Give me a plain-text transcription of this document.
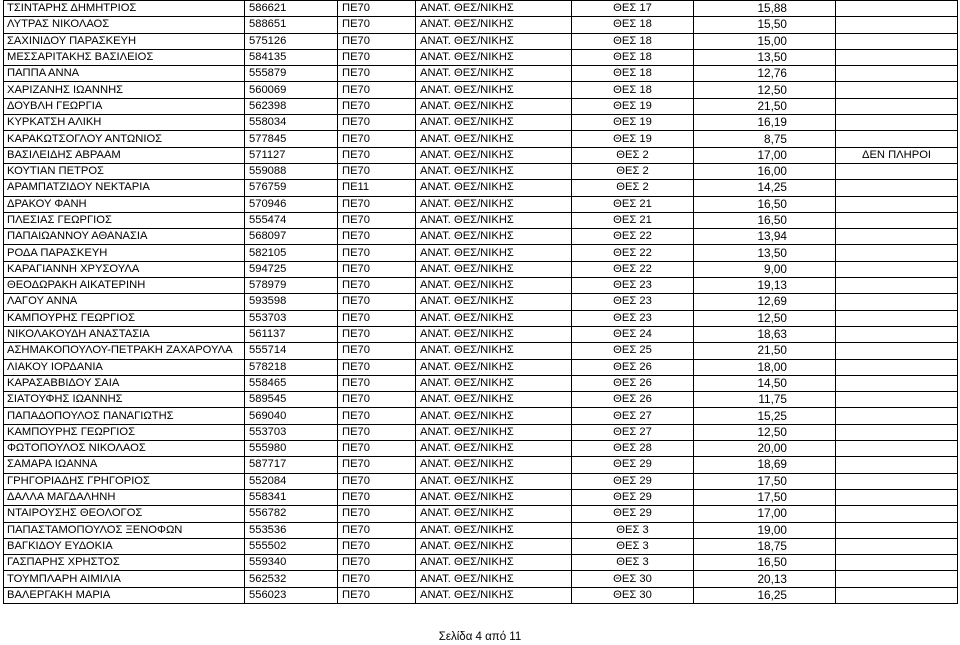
ΤΣΙΝΤΑΡΗΣ ΔΗΜΗΤΡΙΟΣ	586621	ΠΕ70	ΑΝΑΤ. ΘΕΣ/ΝΙΚΗΣ	ΘΕΣ 17	15,88	
ΛΥΤΡΑΣ ΝΙΚΟΛΑΟΣ	588651	ΠΕ70	ΑΝΑΤ. ΘΕΣ/ΝΙΚΗΣ	ΘΕΣ 18	15,50	
ΣΑΧΙΝΙΔΟΥ ΠΑΡΑΣΚΕΥΗ	575126	ΠΕ70	ΑΝΑΤ. ΘΕΣ/ΝΙΚΗΣ	ΘΕΣ 18	15,00	
ΜΕΣΣΑΡΙΤΑΚΗΣ ΒΑΣΙΛΕΙΟΣ	584135	ΠΕ70	ΑΝΑΤ. ΘΕΣ/ΝΙΚΗΣ	ΘΕΣ 18	13,50	
ΠΑΠΠΑ ΑΝΝΑ	555879	ΠΕ70	ΑΝΑΤ. ΘΕΣ/ΝΙΚΗΣ	ΘΕΣ 18	12,76	
ΧΑΡΙΖΑΝΗΣ ΙΩΑΝΝΗΣ	560069	ΠΕ70	ΑΝΑΤ. ΘΕΣ/ΝΙΚΗΣ	ΘΕΣ 18	12,50	
ΔΟΥΒΛΗ ΓΕΩΡΓΙΑ	562398	ΠΕ70	ΑΝΑΤ. ΘΕΣ/ΝΙΚΗΣ	ΘΕΣ 19	21,50	
ΚΥΡΚΑΤΣΗ ΑΛΙΚΗ	558034	ΠΕ70	ΑΝΑΤ. ΘΕΣ/ΝΙΚΗΣ	ΘΕΣ 19	16,19	
ΚΑΡΑΚΩΤΣΟΓΛΟΥ ΑΝΤΩΝΙΟΣ	577845	ΠΕ70	ΑΝΑΤ. ΘΕΣ/ΝΙΚΗΣ	ΘΕΣ 19	8,75	
ΒΑΣΙΛΕΙΔΗΣ ΑΒΡΑΑΜ	571127	ΠΕ70	ΑΝΑΤ. ΘΕΣ/ΝΙΚΗΣ	ΘΕΣ 2	17,00	ΔΕΝ ΠΛΗΡΟΙ
ΚΟΥΤΙΑΝ ΠΕΤΡΟΣ	559088	ΠΕ70	ΑΝΑΤ. ΘΕΣ/ΝΙΚΗΣ	ΘΕΣ 2	16,00	
ΑΡΑΜΠΑΤΖΙΔΟΥ ΝΕΚΤΑΡΙΑ	576759	ΠΕ11	ΑΝΑΤ. ΘΕΣ/ΝΙΚΗΣ	ΘΕΣ 2	14,25	
ΔΡΑΚΟΥ ΦΑΝΗ	570946	ΠΕ70	ΑΝΑΤ. ΘΕΣ/ΝΙΚΗΣ	ΘΕΣ 21	16,50	
ΠΛΕΣΙΑΣ ΓΕΩΡΓΙΟΣ	555474	ΠΕ70	ΑΝΑΤ. ΘΕΣ/ΝΙΚΗΣ	ΘΕΣ 21	16,50	
ΠΑΠΑΙΩΑΝΝΟΥ ΑΘΑΝΑΣΙΑ	568097	ΠΕ70	ΑΝΑΤ. ΘΕΣ/ΝΙΚΗΣ	ΘΕΣ 22	13,94	
ΡΟΔΑ ΠΑΡΑΣΚΕΥΗ	582105	ΠΕ70	ΑΝΑΤ. ΘΕΣ/ΝΙΚΗΣ	ΘΕΣ 22	13,50	
ΚΑΡΑΓΙΑΝΝΗ ΧΡΥΣΟΥΛΑ	594725	ΠΕ70	ΑΝΑΤ. ΘΕΣ/ΝΙΚΗΣ	ΘΕΣ 22	9,00	
ΘΕΟΔΩΡΑΚΗ ΑΙΚΑΤΕΡΙΝΗ	578979	ΠΕ70	ΑΝΑΤ. ΘΕΣ/ΝΙΚΗΣ	ΘΕΣ 23	19,13	
ΛΑΓΟΥ ΑΝΝΑ	593598	ΠΕ70	ΑΝΑΤ. ΘΕΣ/ΝΙΚΗΣ	ΘΕΣ 23	12,69	
ΚΑΜΠΟΥΡΗΣ ΓΕΩΡΓΙΟΣ	553703	ΠΕ70	ΑΝΑΤ. ΘΕΣ/ΝΙΚΗΣ	ΘΕΣ 23	12,50	
ΝΙΚΟΛΑΚΟΥΔΗ ΑΝΑΣΤΑΣΙΑ	561137	ΠΕ70	ΑΝΑΤ. ΘΕΣ/ΝΙΚΗΣ	ΘΕΣ 24	18,63	
ΑΣΗΜΑΚΟΠΟΥΛΟΥ-ΠΕΤΡΑΚΗ ΖΑΧΑΡΟΥΛΑ	555714	ΠΕ70	ΑΝΑΤ. ΘΕΣ/ΝΙΚΗΣ	ΘΕΣ 25	21,50	
ΛΙΑΚΟΥ ΙΟΡΔΑΝΙΑ	578218	ΠΕ70	ΑΝΑΤ. ΘΕΣ/ΝΙΚΗΣ	ΘΕΣ 26	18,00	
ΚΑΡΑΣΑΒΒΙΔΟΥ ΣΑΙΑ	558465	ΠΕ70	ΑΝΑΤ. ΘΕΣ/ΝΙΚΗΣ	ΘΕΣ 26	14,50	
ΣΙΑΤΟΥΦΗΣ ΙΩΑΝΝΗΣ	589545	ΠΕ70	ΑΝΑΤ. ΘΕΣ/ΝΙΚΗΣ	ΘΕΣ 26	11,75	
ΠΑΠΑΔΟΠΟΥΛΟΣ ΠΑΝΑΓΙΩΤΗΣ	569040	ΠΕ70	ΑΝΑΤ. ΘΕΣ/ΝΙΚΗΣ	ΘΕΣ 27	15,25	
ΚΑΜΠΟΥΡΗΣ ΓΕΩΡΓΙΟΣ	553703	ΠΕ70	ΑΝΑΤ. ΘΕΣ/ΝΙΚΗΣ	ΘΕΣ 27	12,50	
ΦΩΤΟΠΟΥΛΟΣ ΝΙΚΟΛΑΟΣ	555980	ΠΕ70	ΑΝΑΤ. ΘΕΣ/ΝΙΚΗΣ	ΘΕΣ 28	20,00	
ΣΑΜΑΡΑ ΙΩΑΝΝΑ	587717	ΠΕ70	ΑΝΑΤ. ΘΕΣ/ΝΙΚΗΣ	ΘΕΣ 29	18,69	
ΓΡΗΓΟΡΙΑΔΗΣ ΓΡΗΓΟΡΙΟΣ	552084	ΠΕ70	ΑΝΑΤ. ΘΕΣ/ΝΙΚΗΣ	ΘΕΣ 29	17,50	
ΔΑΛΛΑ ΜΑΓΔΑΛΗΝΗ	558341	ΠΕ70	ΑΝΑΤ. ΘΕΣ/ΝΙΚΗΣ	ΘΕΣ 29	17,50	
ΝΤΑΙΡΟΥΣΗΣ ΘΕΟΛΟΓΟΣ	556782	ΠΕ70	ΑΝΑΤ. ΘΕΣ/ΝΙΚΗΣ	ΘΕΣ 29	17,00	
ΠΑΠΑΣΤΑΜΟΠΟΥΛΟΣ ΞΕΝΟΦΩΝ	553536	ΠΕ70	ΑΝΑΤ. ΘΕΣ/ΝΙΚΗΣ	ΘΕΣ 3	19,00	
ΒΑΓΚΙΔΟΥ ΕΥΔΟΚΙΑ	555502	ΠΕ70	ΑΝΑΤ. ΘΕΣ/ΝΙΚΗΣ	ΘΕΣ 3	18,75	
ΓΑΣΠΑΡΗΣ ΧΡΗΣΤΟΣ	559340	ΠΕ70	ΑΝΑΤ. ΘΕΣ/ΝΙΚΗΣ	ΘΕΣ 3	16,50	
ΤΟΥΜΠΛΑΡΗ ΑΙΜΙΛΙΑ	562532	ΠΕ70	ΑΝΑΤ. ΘΕΣ/ΝΙΚΗΣ	ΘΕΣ 30	20,13	
ΒΑΛΕΡΓΑΚΗ ΜΑΡΙΑ	556023	ΠΕ70	ΑΝΑΤ. ΘΕΣ/ΝΙΚΗΣ	ΘΕΣ 30	16,25	
Σελίδα 4 από 11
